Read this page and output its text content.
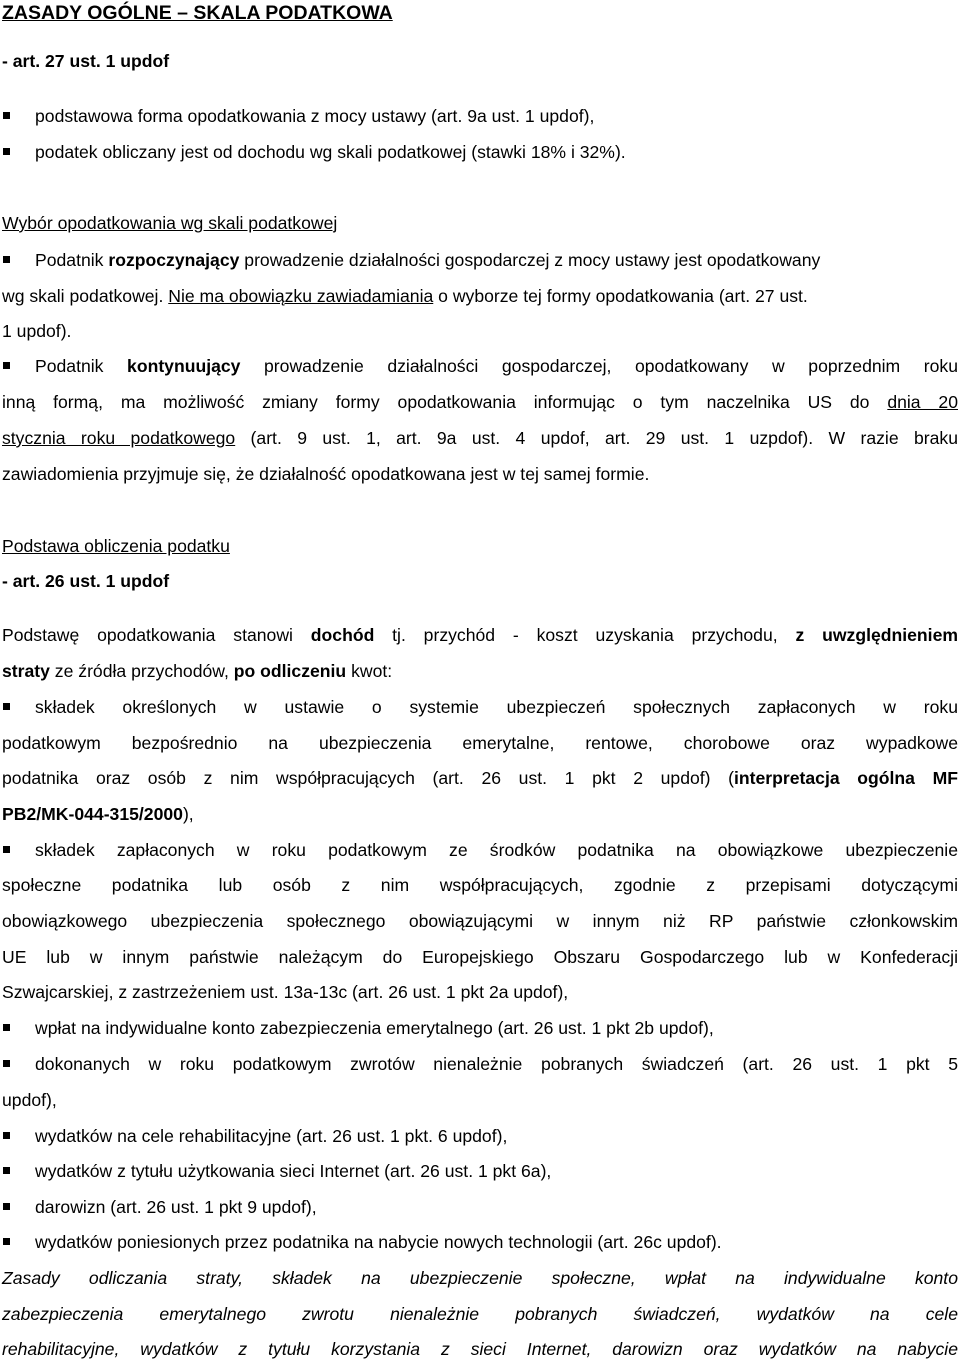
ZASADY OGÓLNE – SKALA PODATKOWA
- art. 27 ust. 1 updof
podstawowa forma opodatkowania z mocy ustawy (art. 9a ust. 1 updof),
podatek obliczany jest od dochodu wg skali podatkowej (stawki 18% i 32%).
Wybór opodatkowania wg skali podatkowej
Podatnik rozpoczynający prowadzenie działalności gospodarczej z mocy ustawy jest opodatkowany
wg skali podatkowej. Nie ma obowiązku zawiadamiania o wyborze tej formy opodatkowania (art. 27 ust.
1 updof).
Podatnik kontynuujący prowadzenie działalności gospodarczej, opodatkowany w poprzednim roku
inną formą, ma możliwość zmiany formy opodatkowania informując o tym naczelnika US do dnia 20
stycznia roku podatkowego (art. 9 ust. 1, art. 9a ust. 4 updof, art. 29 ust. 1 uzpdof). W razie braku
zawiadomienia przyjmuje się, że działalność opodatkowana jest w tej samej formie.
Podstawa obliczenia podatku
- art. 26 ust. 1 updof
Podstawę opodatkowania stanowi dochód tj. przychód - koszt uzyskania przychodu, z uwzględnieniem
straty ze źródła przychodów, po odliczeniu kwot:
składek określonych w ustawie o systemie ubezpieczeń społecznych zapłaconych w roku
podatkowym bezpośrednio na ubezpieczenia emerytalne, rentowe, chorobowe oraz wypadkowe
podatnika oraz osób z nim współpracujących (art. 26 ust. 1 pkt 2 updof) (interpretacja ogólna MF
PB2/MK-044-315/2000),
składek zapłaconych w roku podatkowym ze środków podatnika na obowiązkowe ubezpieczenie
społeczne podatnika lub osób z nim współpracujących, zgodnie z przepisami dotyczącymi
obowiązkowego ubezpieczenia społecznego obowiązującymi w innym niż RP państwie członkowskim
UE lub w innym państwie należącym do Europejskiego Obszaru Gospodarczego lub w Konfederacji
Szwajcarskiej, z zastrzeżeniem ust. 13a-13c (art. 26 ust. 1 pkt 2a updof),
wpłat na indywidualne konto zabezpieczenia emerytalnego (art. 26 ust. 1 pkt 2b updof),
dokonanych w roku podatkowym zwrotów nienależnie pobranych świadczeń (art. 26 ust. 1 pkt 5
updof),
wydatków na cele rehabilitacyjne (art. 26 ust. 1 pkt. 6 updof),
wydatków z tytułu użytkowania sieci Internet (art. 26 ust. 1 pkt 6a),
darowizn (art. 26 ust. 1 pkt 9 updof),
wydatków poniesionych przez podatnika na nabycie nowych technologii (art. 26c updof).
Zasady odliczania straty, składek na ubezpieczenie społeczne, wpłat na indywidualne konto
zabezpieczenia emerytalnego zwrotu nienależnie pobranych świadczeń, wydatków na cele
rehabilitacyjne, wydatków z tytułu korzystania z sieci Internet, darowizn oraz wydatków na nabycie
